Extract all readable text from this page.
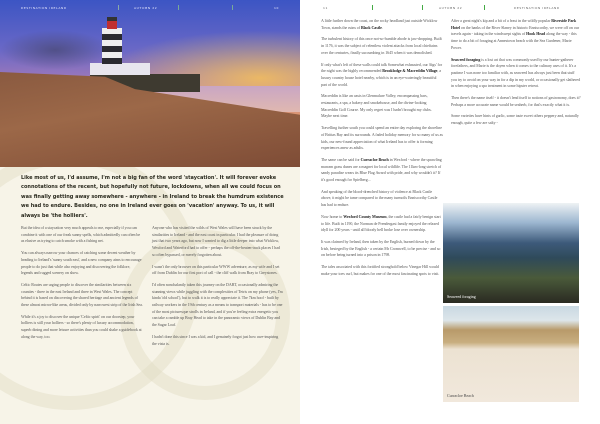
DESTINATION IRELAND	AUTUMN 22	10
Like most of us, I'd assume, I'm not a big fan of the word 'staycation'. It will forever evoke connotations of the recent, but hopefully not future, lockdowns, when all we could focus on was finally getting away somewhere - anywhere - in Ireland to break the humdrum existence we had to endure. Besides, no one in Ireland ever goes on 'vacation' anyway. To us, it will always be 'the holliers'.

But the idea of a staycation very much appeals to me, especially if you can combine it with one of our freak sunny spells, which admittedly can often be as elusive as trying to catch smoke with a fishing net.

You can always narrow your chances of catching some decent weather by heading to Ireland's 'sunny south east', and a new company aims to encourage people to do just that while also enjoying and discovering the folklore, legends and rugged scenery on show.

Celtic Routes are urging people to discover the similarities between six counties - three in the east Ireland and three in West Wales. The concept behind it is based on discovering the shared heritage and ancient legends of these almost mirror-like areas, divided only by narrowest strip of the Irish Sea.

While it's a joy to discover the unique 'Celtic spirit' on our doorstep, your holliers is still your holliers - so there's plenty of luxury accommodation, superb dining and more leisure activities than you could shake a guidebook at along the way, too.

Anyone who has visited the wilds of West Wales will have been struck by the similarities to Ireland - and the east coast in particular. I had the pleasure of doing just that two years ago, but now I wanted to dig a little deeper into what Wicklow, Wexford and Waterford had to offer - perhaps the off-the-beaten-track places I had so often bypassed, or merely forgotten about.

I wasn't the only browser on this particular WWW adventure, as my wife and I set off from Dublin for our first port of call - the cliff walk from Bray to Greystones.

I'd often nonchalantly taken this journey on the DART, occasionally admiring the stunning views while juggling with the complexities of Tetris on my phone (yes, I'm kinda 'old school'), but to walk it is to really appreciate it. The 7km hoof - built by railway workers in the 19th century as a means to transport materials - has to be one of the most picturesque strolls in Ireland, and if you're feeling extra energetic you can take a ramble up Bray Head to take in the panoramic views of Dublin Bay and the Sugar Loaf.

I hadn't done this since I was a kid, and I genuinely forgot just how awe-inspiring the vista is.

11	AUTUMN 22	DESTINATION IRELAND

A little further down the coast, on the rocky headland just outside Wicklow Town, stands the ruins of Black Castle.

The turbulent history of this once not-so-humble abode is jaw-dropping. Built in 1176, it was the subject of relentless violent attacks from local chieftains over the centuries, finally succumbing in 1645 when it was demolished.

If only what's left of these walls could talk Somewhat exhausted, our 'digs' for the night was the highly recommended Brooklodge & Macreddin Village, a luxury country house hotel nearby, which is in an eye-wateringly beautiful part of the world.

Macreddin is like an oasis in Glenmalure Valley, encompassing bars, restaurants, a spa, a bakery and smokehouse, and the divine-looking Macreddin Golf Course. My only regret was I hadn't brought my clubs. Maybe next time.

Travelling further south you could spend an entire day exploring the shoreline of Brittas Bay and its surrounds. A faded holiday memory for so many of us as kids, our new-found appreciation of what Ireland has to offer is forming experiences anew as adults.

The same can be said for Curracloe Beach in Wexford - where the sprawling marram grass dunes are a magnet for local wildlife. The 11km-long stretch of sandy paradise wears its Blue Flag Award with pride, and why wouldn't it? If it's good enough for Spielberg...

And speaking of the blood-drenched history of violence at Black Castle above, it might be tame compared to the many turmoils Enniscorthy Castle has had to endure.

Now home to Wexford County Museum, the castle had a fairly benign start to life. Built in 1190, the Norman de Prendergast family enjoyed the relaxed idyll for 200 years - until all bloody hell broke lose over ownership.

It was claimed by Ireland, then taken by the English, burned down by the Irish, besieged by the English - a certain Mr Cromwell, to be precise - and so on before being turned into a prison in 1798.

The tales associated with this fortified stronghold below Vinegar Hill would make your toes curl, but makes for one of the most fascinating spots to visit.

After a great night's kip and a bit of a feast in the wildly popular Riverside Park Hotel on the banks of the River Slaney in historic Enniscorthy, we were off on our travels again - taking in the windswept sights of Hook Head along the way - this time to do a bit of foraging at Annestown beach with the Sea Gardener, Marie Power.

Seaweed foraging is a lost art that was commonly used by our hunter-gatherer forefathers, and Marie is the doyen when it comes to the culinary uses of it. It's a pastime I was none too familiar with, as seaweed has always just been that stuff you try to avoid on your way in for a dip in my world, or occasionally get slathered in when enjoying a spa treatment in some hipster retreat.

Then there's the name itself - it doesn't lend itself to notions of gastronomy, does it? Perhaps a more accurate name would be seaherb, for that's exactly what it is.

Some varieties have hints of garlic, some taste sweet others peppery and, naturally enough, quite a few are salty -

Seaweed foraging
Curracloe Beach
